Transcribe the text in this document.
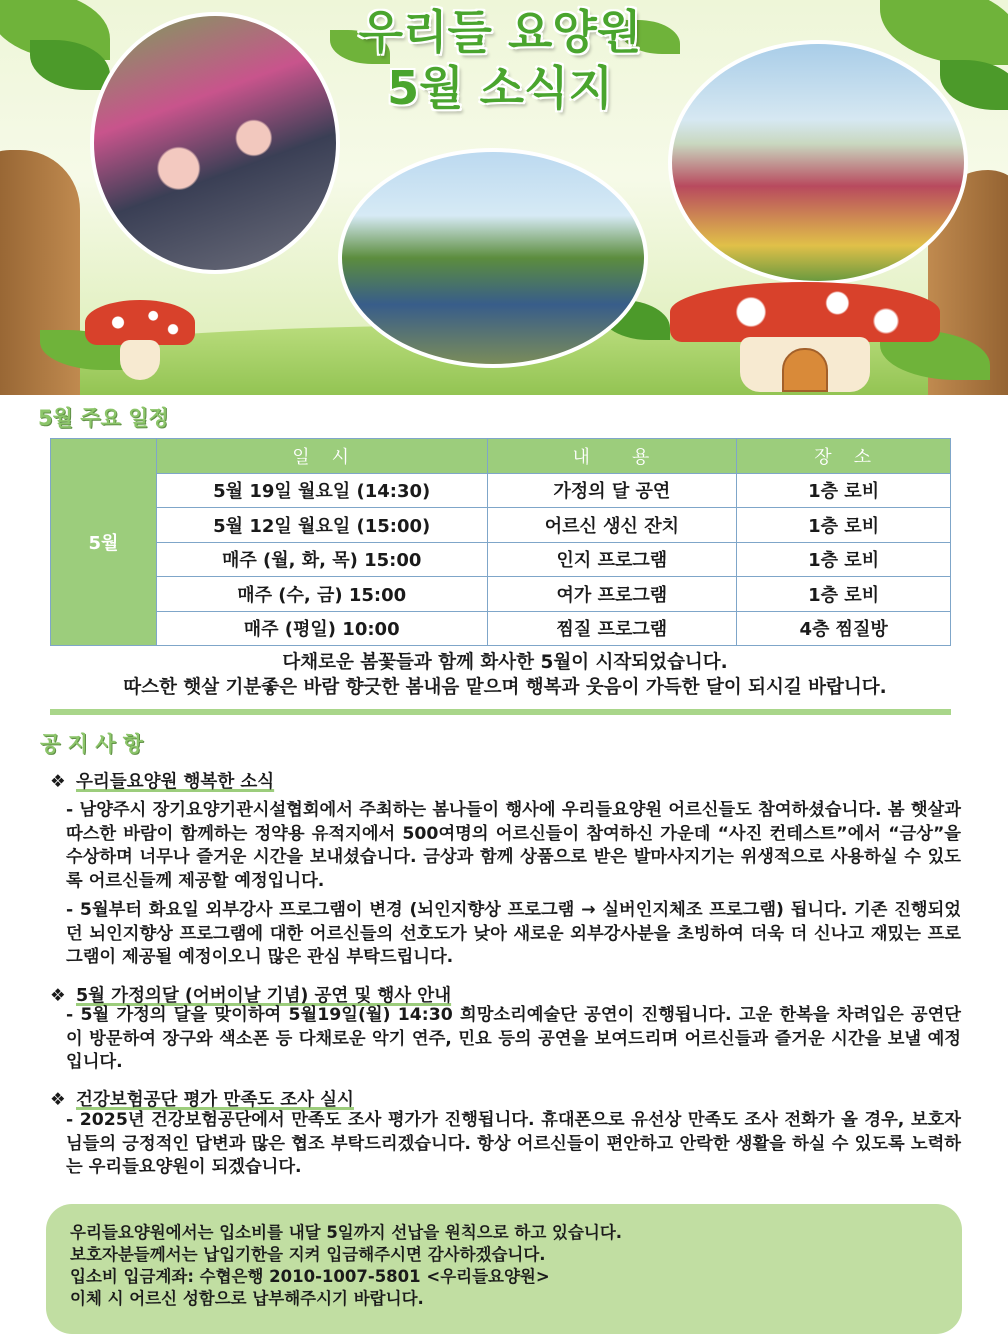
우리들 요양원
5월 소식지
5월 주요 일정
5월	일　시	내　　용	장　소
	5월 19일 월요일 (14:30)	가정의 달 공연	1층 로비
	5월 12일 월요일 (15:00)	어르신 생신 잔치	1층 로비
	매주 (월, 화, 목) 15:00	인지 프로그램	1층 로비
	매주 (수, 금) 15:00	여가 프로그램	1층 로비
	매주 (평일) 10:00	찜질 프로그램	4층 찜질방
다채로운 봄꽃들과 함께 화사한 5월이 시작되었습니다.
따스한 햇살 기분좋은 바람 향긋한 봄내음 맡으며 행복과 웃음이 가득한 달이 되시길 바랍니다.
공 지 사 항
❖ 우리들요양원 행복한 소식

- 남양주시 장기요양기관시설협회에서 주최하는 봄나들이 행사에 우리들요양원 어르신들도 참여하셨습니다. 봄 햇살과 따스한 바람이 함께하는 정약용 유적지에서 500여명의 어르신들이 참여하신 가운데 “사진 컨테스트”에서 “금상”을 수상하며 너무나 즐거운 시간을 보내셨습니다. 금상과 함께 상품으로 받은 발마사지기는 위생적으로 사용하실 수 있도록 어르신들께 제공할 예정입니다.

- 5월부터 화요일 외부강사 프로그램이 변경 (뇌인지향상 프로그램 → 실버인지체조 프로그램) 됩니다. 기존 진행되었던 뇌인지향상 프로그램에 대한 어르신들의 선호도가 낮아 새로운 외부강사분을 초빙하여 더욱 더 신나고 재밌는 프로그램이 제공될 예정이오니 많은 관심 부탁드립니다.

❖ 5월 가정의달 (어버이날 기념) 공연 및 행사 안내

- 5월 가정의 달을 맞이하여 5월19일(월) 14:30 희망소리예술단 공연이 진행됩니다. 고운 한복을 차려입은 공연단이 방문하여 장구와 색소폰 등 다채로운 악기 연주, 민요 등의 공연을 보여드리며 어르신들과 즐거운 시간을 보낼 예정입니다.

❖ 건강보험공단 평가 만족도 조사 실시

- 2025년 건강보험공단에서 만족도 조사 평가가 진행됩니다. 휴대폰으로 유선상 만족도 조사 전화가 올 경우, 보호자님들의 긍정적인 답변과 많은 협조 부탁드리겠습니다. 항상 어르신들이 편안하고 안락한 생활을 하실 수 있도록 노력하는 우리들요양원이 되겠습니다.

우리들요양원에서는 입소비를 내달 5일까지 선납을 원칙으로 하고 있습니다.
보호자분들께서는 납입기한을 지켜 입금해주시면 감사하겠습니다.
입소비 입금계좌: 수협은행 2010-1007-5801 <우리들요양원>
이체 시 어르신 성함으로 납부해주시기 바랍니다.
